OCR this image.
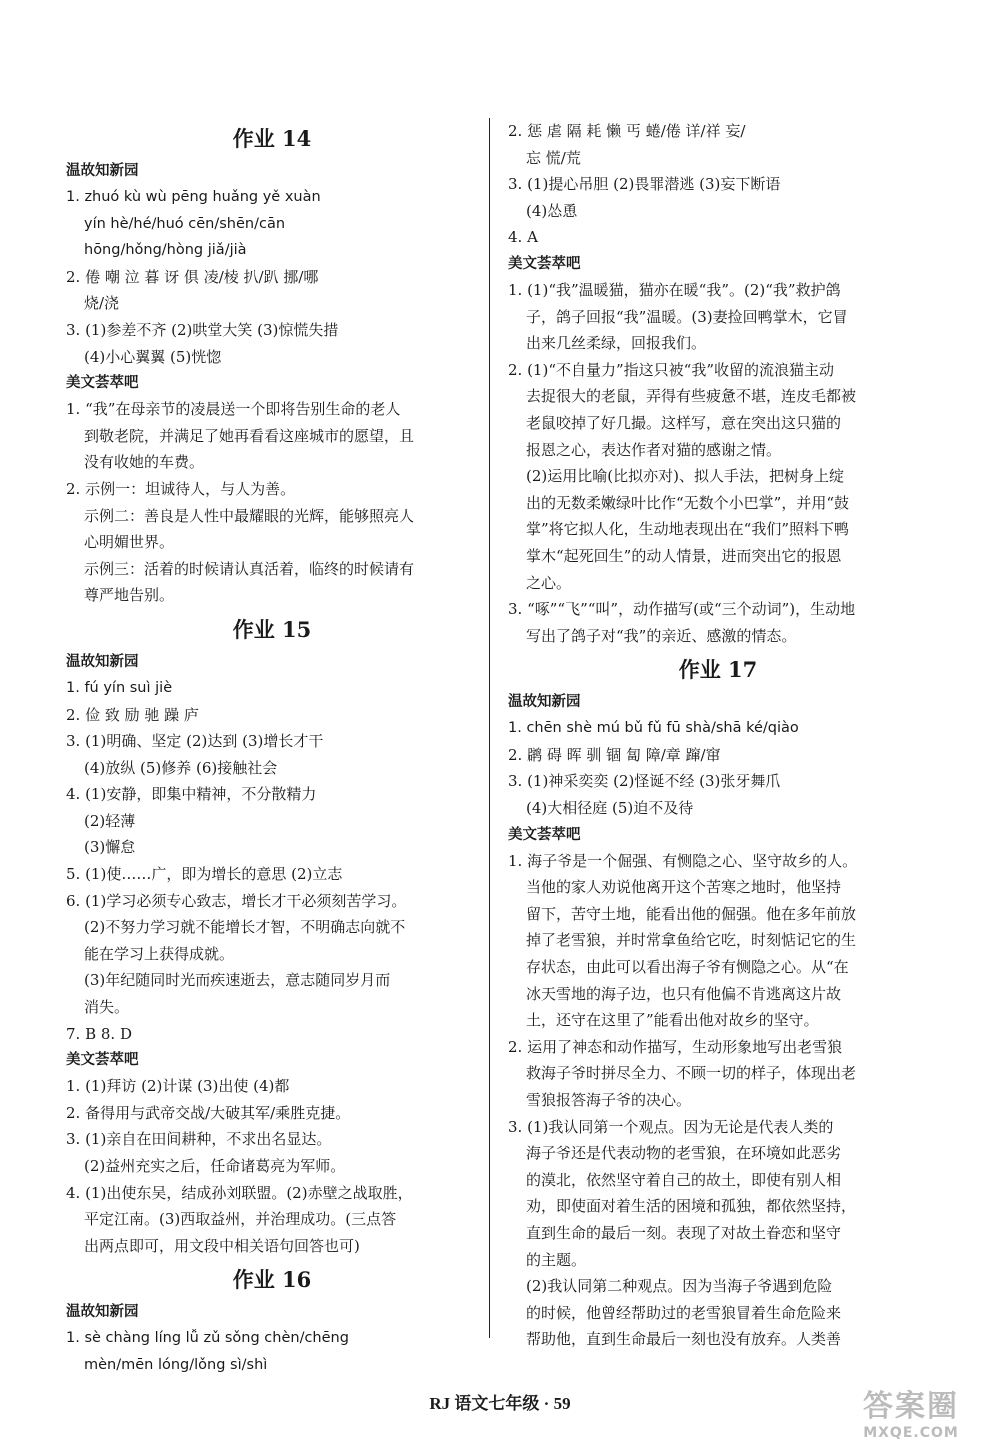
作业 14
温故知新园
1. zhuó kù wù pēng huǎng yě xuàn
yín hè/hé/huó cēn/shēn/cān
hōng/hǒng/hòng jiǎ/jià
2. 倦 嘲 泣 暮 讶 俱 凌/棱 扒/趴 挪/哪
烧/浇
3. (1)参差不齐 (2)哄堂大笑 (3)惊慌失措
(4)小心翼翼 (5)恍惚
美文荟萃吧
1. “我”在母亲节的凌晨送一个即将告别生命的老人
到敬老院，并满足了她再看看这座城市的愿望，且
没有收她的车费。
2. 示例一：坦诚待人，与人为善。
示例二：善良是人性中最耀眼的光辉，能够照亮人
心明媚世界。
示例三：活着的时候请认真活着，临终的时候请有
尊严地告别。
作业 15
温故知新园
1. fú yín suì jiè
2. 俭 致 励 驰 躁 庐
3. (1)明确、坚定 (2)达到 (3)增长才干
(4)放纵 (5)修养 (6)接触社会
4. (1)安静，即集中精神，不分散精力
(2)轻薄
(3)懈怠
5. (1)使……广，即为增长的意思 (2)立志
6. (1)学习必须专心致志，增长才干必须刻苦学习。
(2)不努力学习就不能增长才智，不明确志向就不
能在学习上获得成就。
(3)年纪随同时光而疾速逝去，意志随同岁月而
消失。
7. B 8. D
美文荟萃吧
1. (1)拜访 (2)计谋 (3)出使 (4)都
2. 备得用与武帝交战/大破其军/乘胜克捷。
3. (1)亲自在田间耕种，不求出名显达。
(2)益州充实之后，任命诸葛亮为军师。
4. (1)出使东吴，结成孙刘联盟。(2)赤壁之战取胜，
平定江南。(3)西取益州，并治理成功。(三点答
出两点即可，用文段中相关语句回答也可)
作业 16
温故知新园
1. sè chàng líng lǚ zǔ sǒng chèn/chēng
mèn/mēn lóng/lǒng sì/shì
2. 惩 虐 隔 耗 懒 丐 蜷/倦 详/祥 妄/
忘 慌/荒
3. (1)提心吊胆 (2)畏罪潜逃 (3)妄下断语
(4)怂恿
4. A
美文荟萃吧
1. (1)“我”温暖猫，猫亦在暖“我”。(2)“我”救护鸽
子，鸽子回报“我”温暖。(3)妻捡回鸭掌木，它冒
出来几丝柔绿，回报我们。
2. (1)“不自量力”指这只被“我”收留的流浪猫主动
去捉很大的老鼠，弄得有些疲惫不堪，连皮毛都被
老鼠咬掉了好几撮。这样写，意在突出这只猫的
报恩之心，表达作者对猫的感谢之情。
(2)运用比喻(比拟亦对)、拟人手法，把树身上绽
出的无数柔嫩绿叶比作“无数个小巴掌”，并用“鼓
掌”将它拟人化，生动地表现出在“我们”照料下鸭
掌木“起死回生”的动人情景，进而突出它的报恩
之心。
3. “啄”“飞”“叫”，动作描写(或“三个动词”)，生动地
写出了鸽子对“我”的亲近、感激的情态。
作业 17
温故知新园
1. chēn shè mú bǔ fǔ fū shà/shā ké/qiào
2. 䴙 碍 晖 驯 锢 匐 障/章 蹿/窜
3. (1)神采奕奕 (2)怪诞不经 (3)张牙舞爪
(4)大相径庭 (5)迫不及待
美文荟萃吧
1. 海子爷是一个倔强、有恻隐之心、坚守故乡的人。
当他的家人劝说他离开这个苦寒之地时，他坚持
留下，苦守土地，能看出他的倔强。他在多年前放
掉了老雪狼，并时常拿鱼给它吃，时刻惦记它的生
存状态，由此可以看出海子爷有恻隐之心。从“在
冰天雪地的海子边，也只有他偏不肯逃离这片故
土，还守在这里了”能看出他对故乡的坚守。
2. 运用了神态和动作描写，生动形象地写出老雪狼
救海子爷时拼尽全力、不顾一切的样子，体现出老
雪狼报答海子爷的决心。
3. (1)我认同第一个观点。因为无论是代表人类的
海子爷还是代表动物的老雪狼，在环境如此恶劣
的漠北，依然坚守着自己的故土，即使有别人相
劝，即使面对着生活的困境和孤独，都依然坚持，
直到生命的最后一刻。表现了对故土眷恋和坚守
的主题。
(2)我认同第二种观点。因为当海子爷遇到危险
的时候，他曾经帮助过的老雪狼冒着生命危险来
帮助他，直到生命最后一刻也没有放弃。人类善
RJ 语文七年级 · 59	答案圈
MXQE.COM
